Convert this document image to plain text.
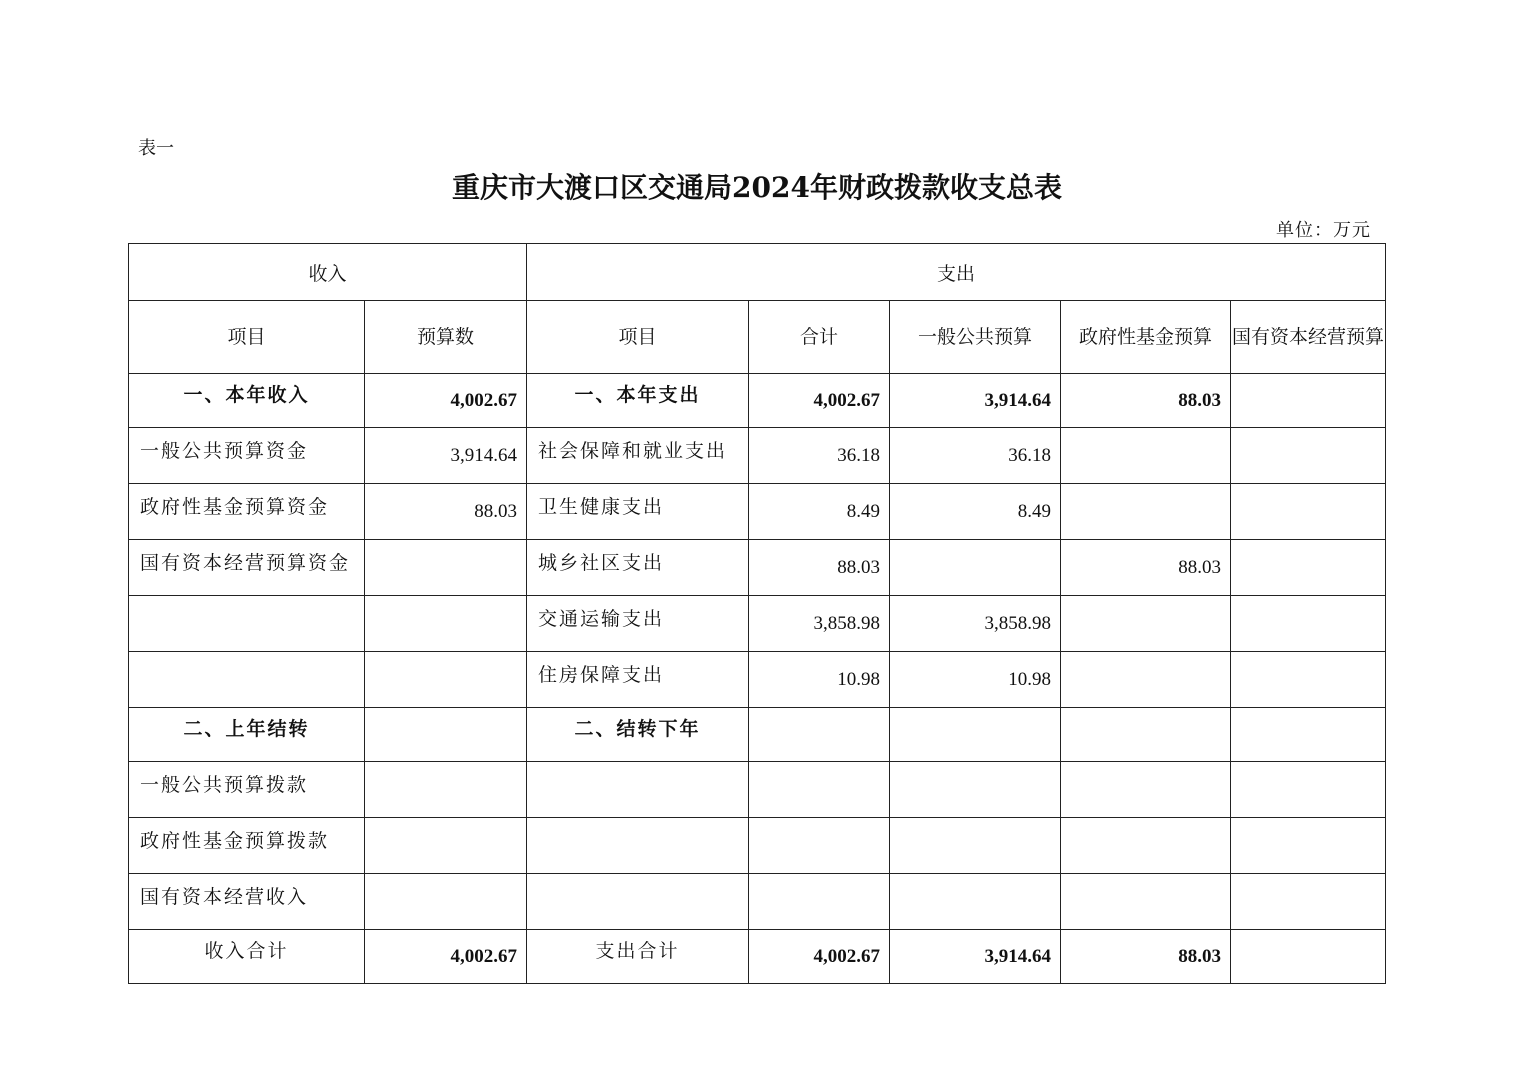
表一
重庆市大渡口区交通局2024年财政拨款收支总表
单位：万元
收入		支出				
项目	预算数	项目	合计	一般公共预算	政府性基金预算	国有资本经营预算
一、本年收入	4,002.67	一、本年支出	4,002.67	3,914.64	88.03	
一般公共预算资金	3,914.64	社会保障和就业支出	36.18	36.18		
政府性基金预算资金	88.03	卫生健康支出	8.49	8.49		
国有资本经营预算资金		城乡社区支出	88.03		88.03	
		交通运输支出	3,858.98	3,858.98		
		住房保障支出	10.98	10.98		
二、上年结转		二、结转下年				
一般公共预算拨款						
政府性基金预算拨款						
国有资本经营收入						
收入合计	4,002.67	支出合计	4,002.67	3,914.64	88.03	
